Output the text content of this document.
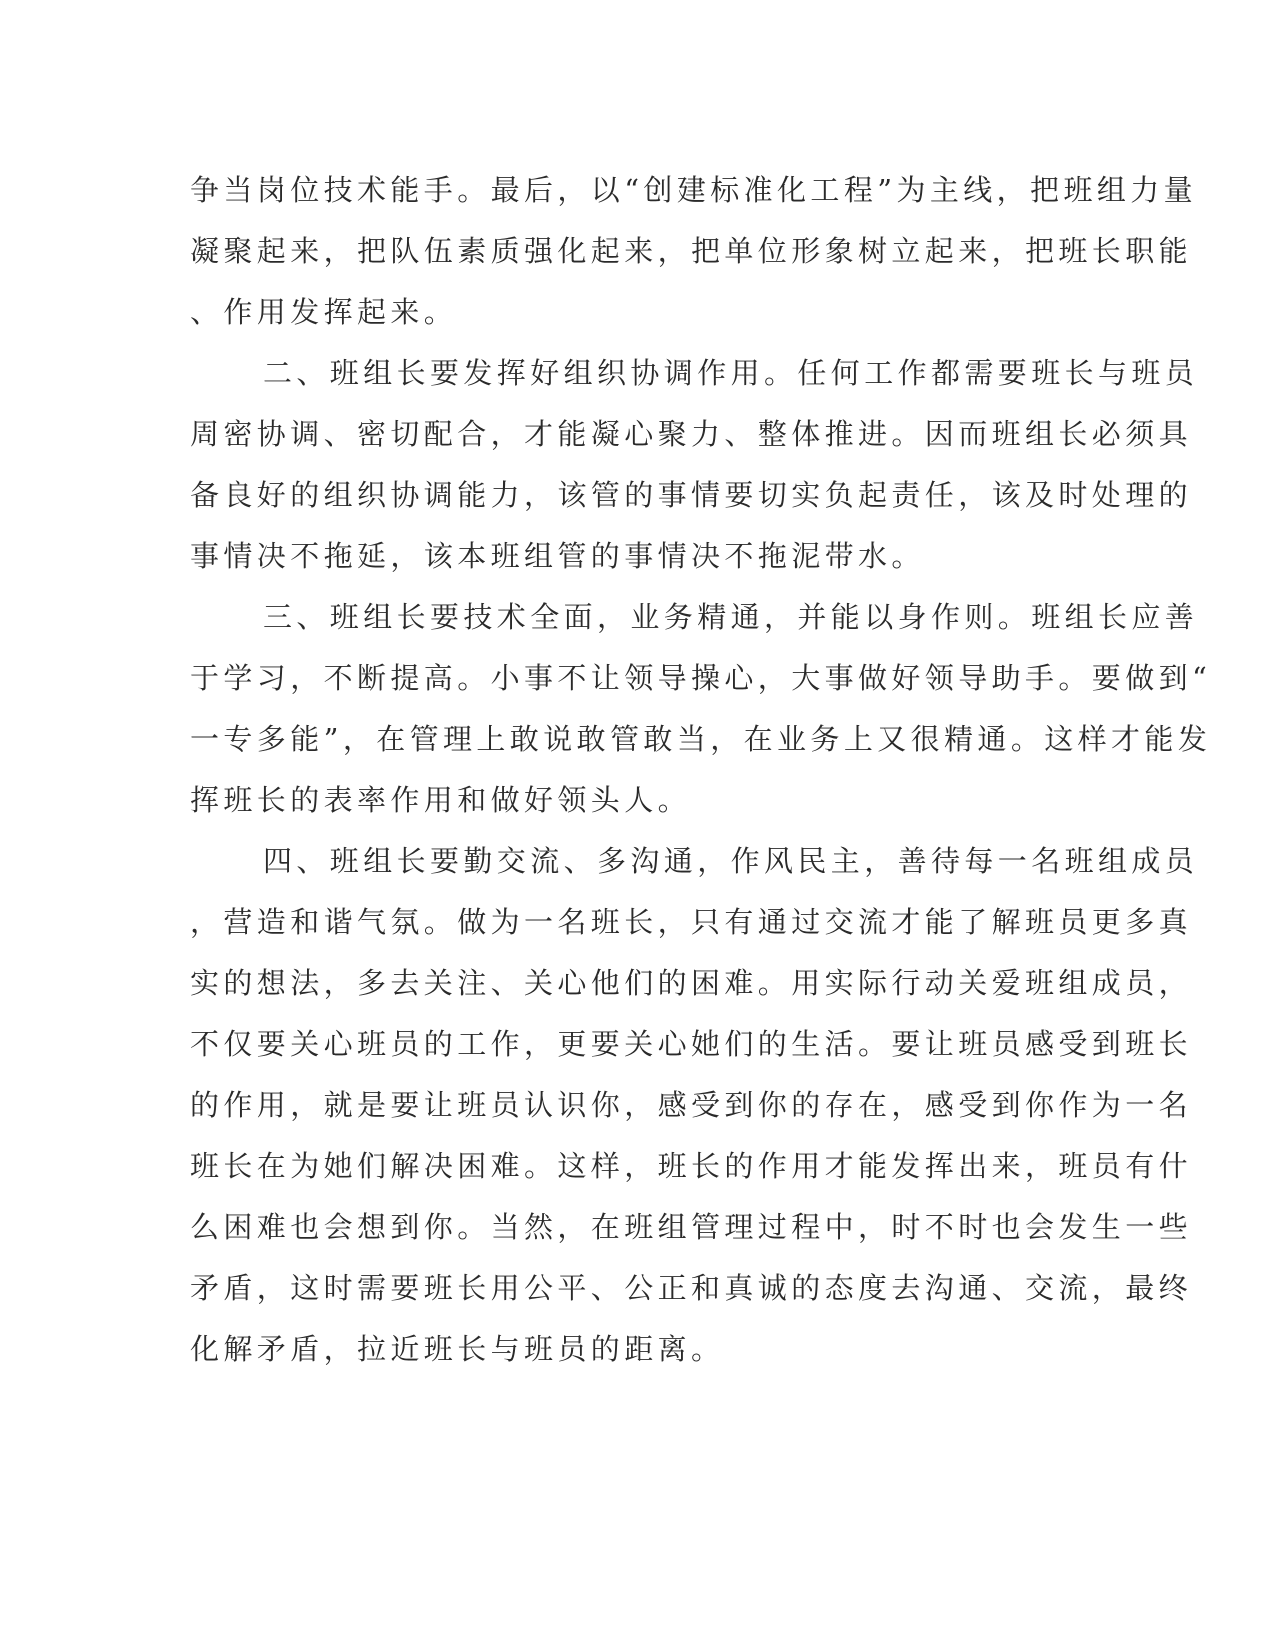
争当岗位技术能手。最后，以“创建标准化工程”为主线，把班组力量
凝聚起来，把队伍素质强化起来，把单位形象树立起来，把班长职能
、作用发挥起来。
二、班组长要发挥好组织协调作用。任何工作都需要班长与班员
周密协调、密切配合，才能凝心聚力、整体推进。因而班组长必须具
备良好的组织协调能力，该管的事情要切实负起责任，该及时处理的
事情决不拖延，该本班组管的事情决不拖泥带水。
三、班组长要技术全面，业务精通，并能以身作则。班组长应善
于学习，不断提高。小事不让领导操心，大事做好领导助手。要做到“
一专多能”，在管理上敢说敢管敢当，在业务上又很精通。这样才能发
挥班长的表率作用和做好领头人。
四、班组长要勤交流、多沟通，作风民主，善待每一名班组成员
，营造和谐气氛。做为一名班长，只有通过交流才能了解班员更多真
实的想法，多去关注、关心他们的困难。用实际行动关爱班组成员，
不仅要关心班员的工作，更要关心她们的生活。要让班员感受到班长
的作用，就是要让班员认识你，感受到你的存在，感受到你作为一名
班长在为她们解决困难。这样，班长的作用才能发挥出来，班员有什
么困难也会想到你。当然，在班组管理过程中，时不时也会发生一些
矛盾，这时需要班长用公平、公正和真诚的态度去沟通、交流，最终
化解矛盾，拉近班长与班员的距离。
